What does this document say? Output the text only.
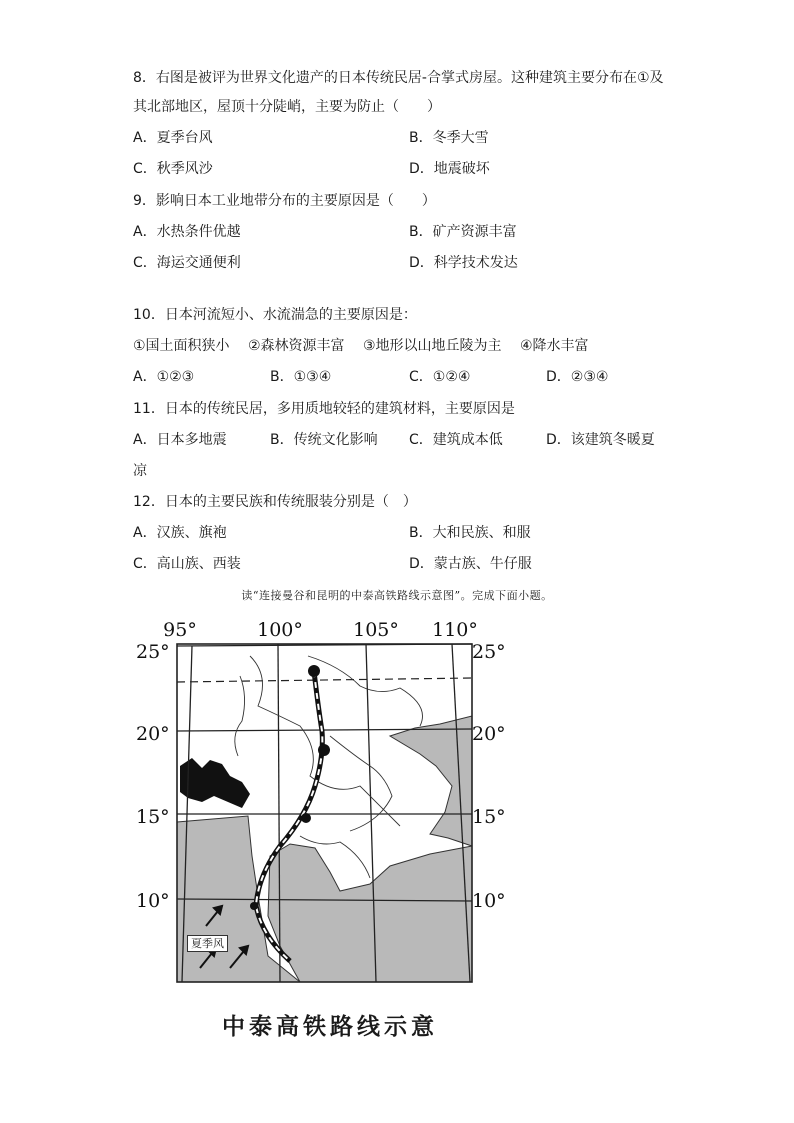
8．右图是被评为世界文化遗产的日本传统民居-合掌式房屋。这种建筑主要分布在①及
其北部地区，屋顶十分陡峭，主要为防止（　　）
A．夏季台风	B．冬季大雪
C．秋季风沙	D．地震破坏
9．影响日本工业地带分布的主要原因是（　　）
A．水热条件优越	B．矿产资源丰富
C．海运交通便利	D．科学技术发达
10．日本河流短小、水流湍急的主要原因是：
①国土面积狭小　 ②森林资源丰富　 ③地形以山地丘陵为主　 ④降水丰富
A．①②③	B．①③④	C．①②④	D．②③④
11．日本的传统民居，多用质地较轻的建筑材料，主要原因是
A．日本多地震	B．传统文化影响 C．建筑成本低	D．该建筑冬暖夏
凉
12．日本的主要民族和传统服装分别是（　）
A．汉族、旗袍	B．大和民族、和服
C．高山族、西装	D．蒙古族、牛仔服
读“连接曼谷和昆明的中泰高铁路线示意图”。完成下面小题。
95°	100°	105° 110°
25°
20°
15°
10°
25°
20°
15°
10°
夏季风
中泰高铁路线示意
